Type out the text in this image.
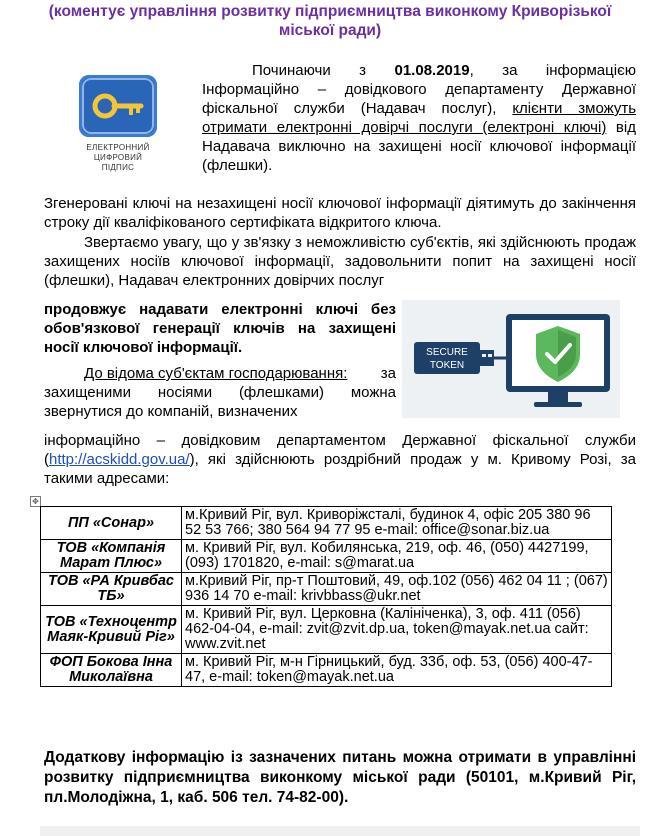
(коментує управління розвитку підприємництва виконкому Криворізької
міської ради)
ЕЛЕКТРОННИЙ
ЦИФРОВИЙ
ПІДПИС
Починаючи з 01.08.2019, за інформацією Інформаційно – довідкового департаменту Державної фіскальної служби (Надавач послуг), клієнти зможуть отримати електронні довірчі послуги (електроні ключі) від Надавача виключно на захищені носії ключової інформації (флешки).
Згенеровані ключі на незахищені носії ключової інформації діятимуть до закінчення строку дії кваліфікованого сертифіката відкритого ключа.
Звертаємо увагу, що у зв'язку з неможливістю суб'єктів, які здійснюють продаж захищених носіїв ключової інформації, задовольнити попит на захищені носії (флешки), Надавач електронних довірчих послуг
продовжує надавати електронні ключі без обов'язкової генерації ключів на захищені носії ключової інформації.	SECURE
TOKEN
До відома суб'єктам господарювання:
захищеними носіями (флешками) можна звернутися до компаній, визначених
інформаційно – довідковим департаментом Державної фіскальної служби (http://acskidd.gov.ua/), які здійснюють роздрібний продаж у м. Кривому Розі, за такими адресами:
за
✥
ПП «Сонар»	м.Кривий Ріг, вул. Криворіжсталі, будинок 4, офіс 205 380 96 52 53 766; 380 564 94 77 95 e-mail: office@sonar.biz.ua
ТОВ «Компанія Марат Плюс»	м. Кривий Ріг, вул. Кобилянська, 219, оф. 46, (050) 4427199, (093) 1701820, e-mail: s@marat.ua
ТОВ «РА Кривбас ТБ»	м.Кривий Ріг, пр-т Поштовий, 49, оф.102 (056) 462 04 11 ; (067) 936 14 70 e-mail: krivbbass@ukr.net
ТОВ «Техноцентр Маяк-Кривий Ріг»	м. Кривий Ріг, вул. Церковна (Калініченка), 3, оф. 411 (056) 462-04-04, e-mail: zvit@zvit.dp.ua, token@mayak.net.ua сайт: www.zvit.net
ФОП Бокова Інна Миколаївна	м. Кривий Ріг, м-н Гірницький, буд. 33б, оф. 53, (056) 400-47-47, e-mail: token@mayak.net.ua
Додаткову інформацію із зазначених питань можна отримати в управлінні розвитку підприємництва виконкому міської ради (50101, м.Кривий Ріг, пл.Молодіжна, 1, каб. 506 тел. 74-82-00).
